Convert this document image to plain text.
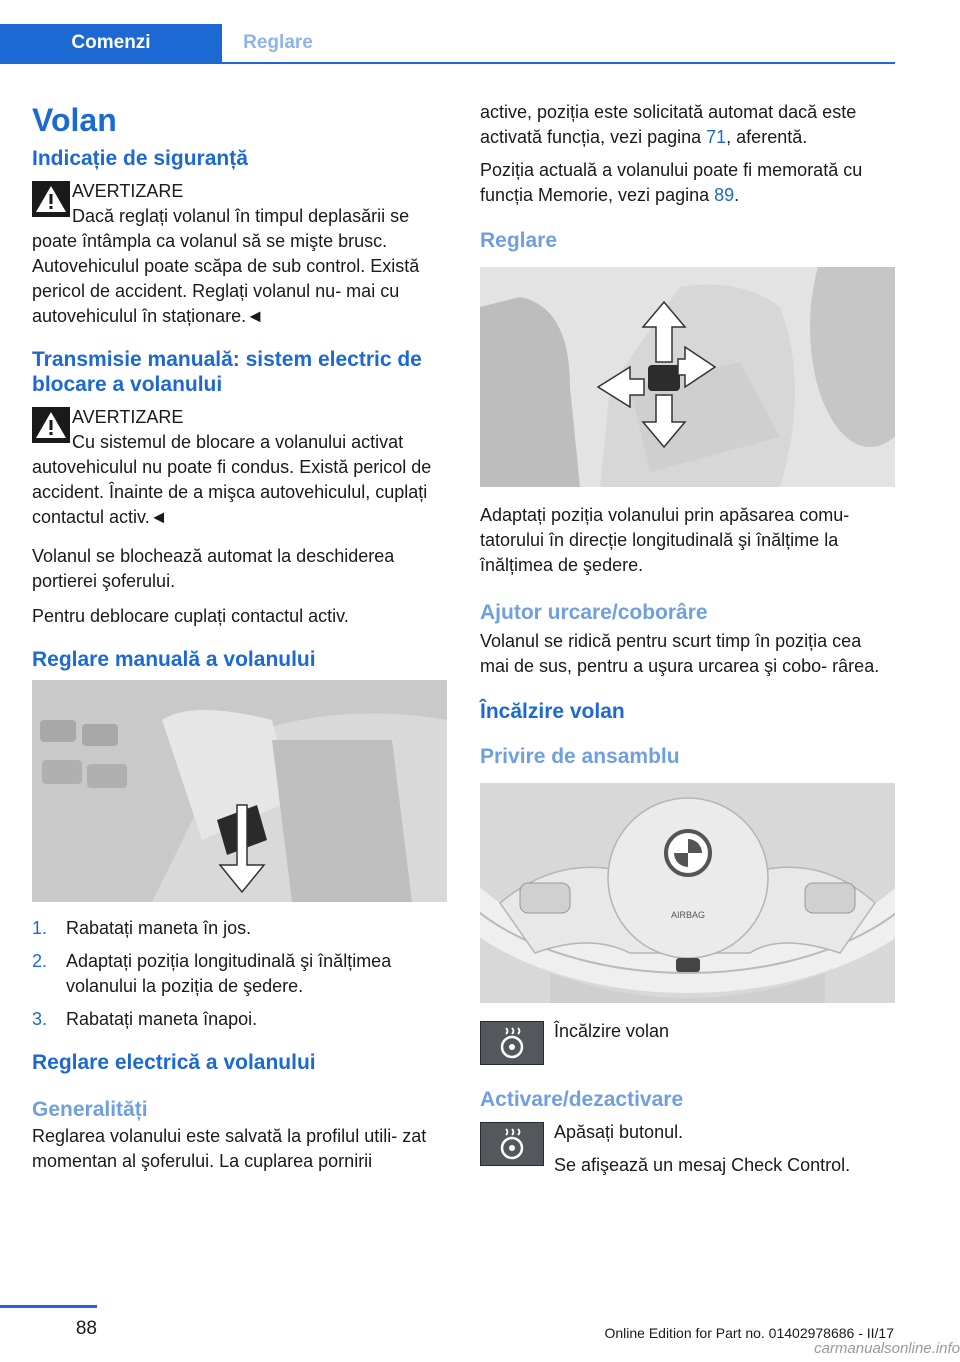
Comenzi	Reglare
Volan
Indicație de siguranță
AVERTIZARE
Dacă reglați volanul în timpul deplasării se poate întâmpla ca volanul să se mişte brusc. Autovehiculul poate scăpa de sub control. Există pericol de accident. Reglați volanul nu- mai cu autovehiculul în staționare.◄
Transmisie manuală: sistem electric de blocare a volanului
AVERTIZARE
Cu sistemul de blocare a volanului activat autovehiculul nu poate fi condus. Există pericol de accident. Înainte de a mişca autovehiculul, cuplați contactul activ.◄

Volanul se blochează automat la deschiderea portierei şoferului.

Pentru deblocare cuplați contactul activ.

Reglare manuală a volanului
1. Rabatați maneta în jos.
2. Adaptați poziția longitudinală şi înălțimea volanului la poziția de şedere.
3. Rabatați maneta înapoi.
Reglare electrică a volanului
Generalități

Reglarea volanului este salvată la profilul utili- zat momentan al şoferului. La cuplarea pornirii

active, poziția este solicitată automat dacă este activată funcția, vezi pagina 71, aferentă.

Poziția actuală a volanului poate fi memorată cu funcția Memorie, vezi pagina 89.

Reglare

Adaptați poziția volanului prin apăsarea comu- tatorului în direcție longitudinală şi înălțime la înălțimea de şedere.

Ajutor urcare/coborâre

Volanul se ridică pentru scurt timp în poziția cea mai de sus, pentru a uşura urcarea şi cobo- rârea.

Încălzire volan
Privire de ansamblu
AIRBAG

Încălzire volan

Activare/dezactivare

Apăsați butonul.

Se afişează un mesaj Check Control.

88	Online Edition for Part no. 01402978686 - II/17
carmanualsonline.info
